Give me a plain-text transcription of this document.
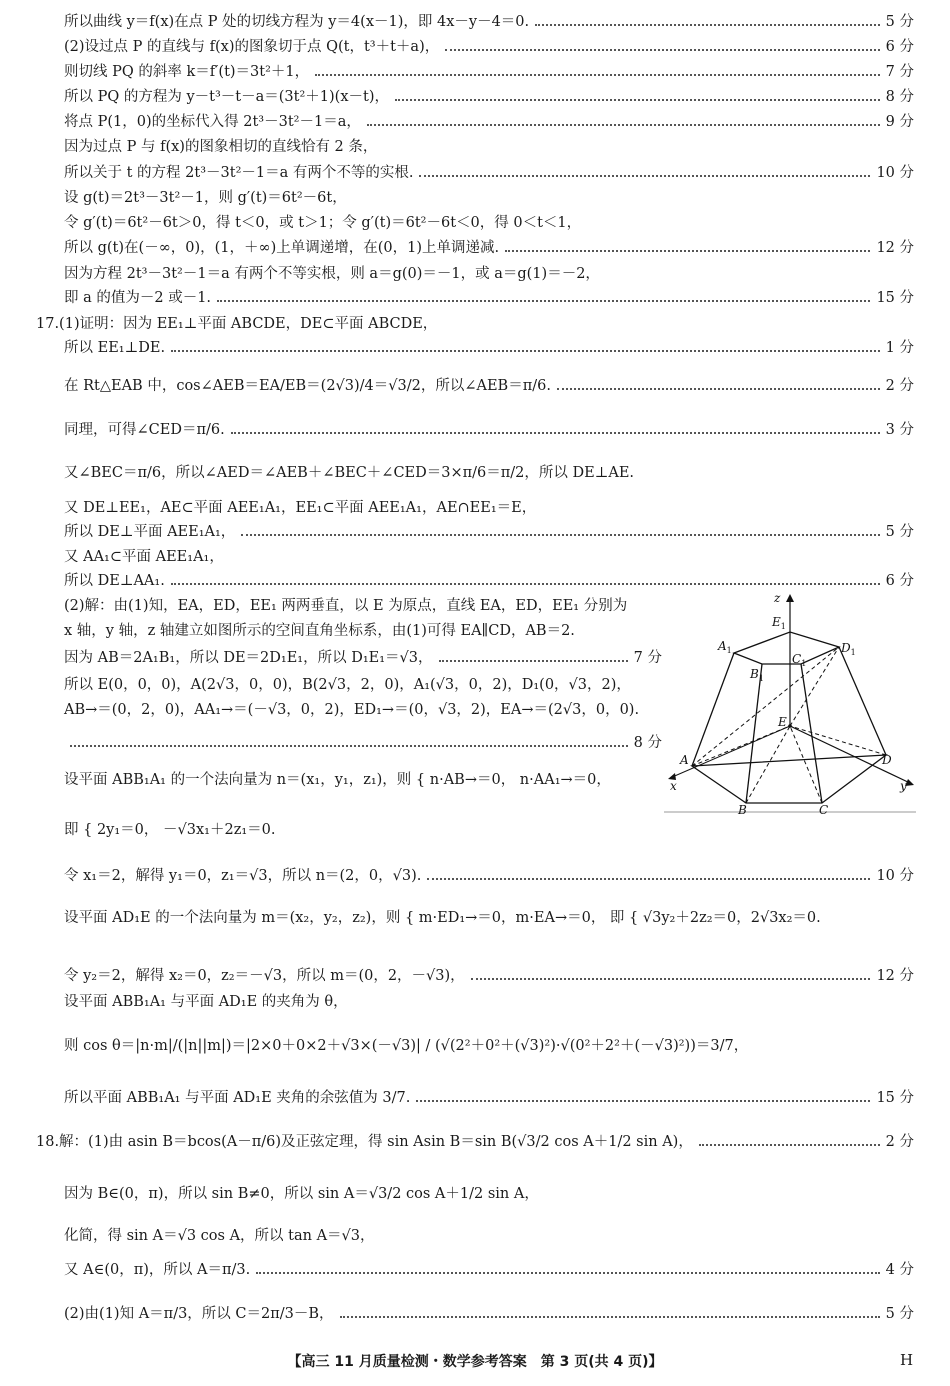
所以曲线 y＝f(x)在点 P 处的切线方程为 y＝4(x－1)，即 4x－y－4＝0.	5 分
(2)设过点 P 的直线与 f(x)的图象切于点 Q(t，t³＋t＋a)，	6 分
则切线 PQ 的斜率 k＝f′(t)＝3t²＋1，	7 分
所以 PQ 的方程为 y－t³－t－a＝(3t²＋1)(x－t)，	8 分
将点 P(1，0)的坐标代入得 2t³－3t²－1＝a，	9 分
因为过点 P 与 f(x)的图象相切的直线恰有 2 条，
所以关于 t 的方程 2t³－3t²－1＝a 有两个不等的实根.	10 分
设 g(t)＝2t³－3t²－1，则 g′(t)＝6t²－6t，
令 g′(t)＝6t²－6t＞0，得 t＜0，或 t＞1；令 g′(t)＝6t²－6t＜0，得 0＜t＜1，
所以 g(t)在(－∞，0)，(1，＋∞)上单调递增，在(0，1)上单调递减.	12 分
因为方程 2t³－3t²－1＝a 有两个不等实根，则 a＝g(0)＝－1，或 a＝g(1)＝－2，
即 a 的值为－2 或－1.	15 分
17.(1)证明：因为 EE₁⊥平面 ABCDE，DE⊂平面 ABCDE，
所以 EE₁⊥DE.	1 分
在 Rt△EAB 中，cos∠AEB＝EA/EB＝(2√3)/4＝√3/2，所以∠AEB＝π/6.	2 分
同理，可得∠CED＝π/6.	3 分
又∠BEC＝π/6，所以∠AED＝∠AEB＋∠BEC＋∠CED＝3×π/6＝π/2，所以 DE⊥AE.
又 DE⊥EE₁，AE⊂平面 AEE₁A₁，EE₁⊂平面 AEE₁A₁，AE∩EE₁＝E，
所以 DE⊥平面 AEE₁A₁，	5 分
又 AA₁⊂平面 AEE₁A₁，
所以 DE⊥AA₁.	6 分
(2)解：由(1)知，EA，ED，EE₁ 两两垂直，以 E 为原点，直线 EA，ED，EE₁ 分别为
x 轴，y 轴，z 轴建立如图所示的空间直角坐标系，由(1)可得 EA∥CD，AB＝2.
因为 AB＝2A₁B₁，所以 DE＝2D₁E₁，所以 D₁E₁＝√3，	7 分
所以 E(0，0，0)，A(2√3，0，0)，B(2√3，2，0)，A₁(√3，0，2)，D₁(0，√3，2)，
AB→＝(0，2，0)，AA₁→＝(－√3，0，2)，ED₁→＝(0，√3，2)，EA→＝(2√3，0，0).
8 分
设平面 ABB₁A₁ 的一个法向量为 n＝(x₁，y₁，z₁)，则 { n·AB→＝0， n·AA₁→＝0，
即 { 2y₁＝0， －√3x₁＋2z₁＝0.
令 x₁＝2，解得 y₁＝0，z₁＝√3，所以 n＝(2，0，√3).	10 分
设平面 AD₁E 的一个法向量为 m＝(x₂，y₂，z₂)，则 { m·ED₁→＝0，m·EA→＝0， 即 { √3y₂＋2z₂＝0，2√3x₂＝0.
令 y₂＝2，解得 x₂＝0，z₂＝－√3，所以 m＝(0，2，－√3)，	12 分
设平面 ABB₁A₁ 与平面 AD₁E 的夹角为 θ，
则 cos θ＝|n·m|/(|n||m|)＝|2×0＋0×2＋√3×(－√3)| / (√(2²＋0²＋(√3)²)·√(0²＋2²＋(－√3)²))＝3/7，
所以平面 ABB₁A₁ 与平面 AD₁E 夹角的余弦值为 3/7.	15 分
18.解：(1)由 asin B＝bcos(A－π/6)及正弦定理，得 sin Asin B＝sin B(√3/2 cos A＋1/2 sin A)，	2 分
因为 B∈(0，π)，所以 sin B≠0，所以 sin A＝√3/2 cos A＋1/2 sin A，
化简，得 sin A＝√3 cos A，所以 tan A＝√3，
又 A∈(0，π)，所以 A＝π/3.	4 分
(2)由(1)知 A＝π/3，所以 C＝2π/3－B，	5 分
z
$E_1$
$A_1$
$B_1$
$C_1$
$D_1$
E
A
B	C
D
x	y
【高三 11 月质量检测・数学参考答案　第 3 页(共 4 页)】	H
